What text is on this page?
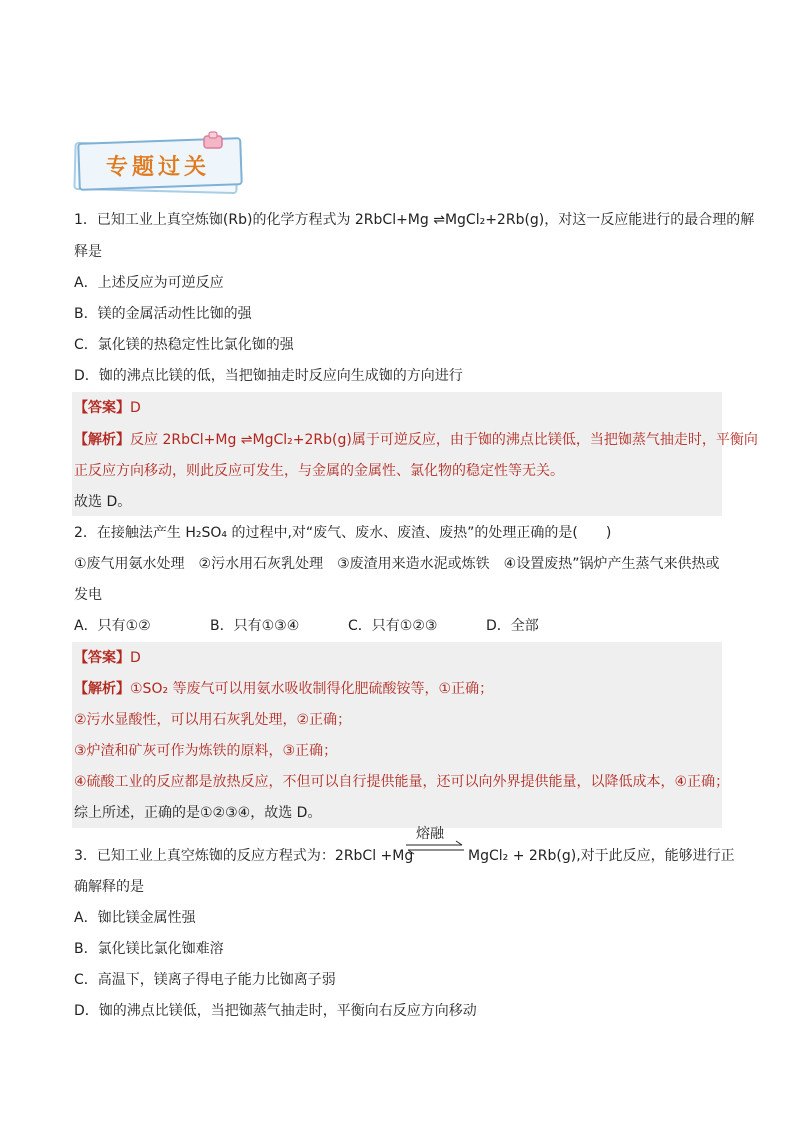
专题过关
1．已知工业上真空炼铷(Rb)的化学方程式为 2RbCl+Mg ⇌MgCl₂+2Rb(g)，对这一反应能进行的最合理的解
释是
A．上述反应为可逆反应
B．镁的金属活动性比铷的强
C．氯化镁的热稳定性比氯化铷的强
D．铷的沸点比镁的低，当把铷抽走时反应向生成铷的方向进行
【答案】D
【解析】反应 2RbCl+Mg ⇌MgCl₂+2Rb(g)属于可逆反应，由于铷的沸点比镁低，当把铷蒸气抽走时，平衡向
正反应方向移动，则此反应可发生，与金属的金属性、氯化物的稳定性等无关。
故选 D。
2．在接触法产生 H₂SO₄ 的过程中,对“废气、废水、废渣、废热”的处理正确的是(　　)
①废气用氨水处理　②污水用石灰乳处理　③废渣用来造水泥或炼铁　④设置废热”锅炉产生蒸气来供热或
发电
A．只有①②	B．只有①③④	C．只有①②③	D．全部
【答案】D
【解析】①SO₂ 等废气可以用氨水吸收制得化肥硫酸铵等，①正确；
②污水显酸性，可以用石灰乳处理，②正确；
③炉渣和矿灰可作为炼铁的原料，③正确；
④硫酸工业的反应都是放热反应，不但可以自行提供能量，还可以向外界提供能量，以降低成本，④正确；
综上所述，正确的是①②③④，故选 D。
3．已知工业上真空炼铷的反应方程式为：2RbCl +Mg
熔融
MgCl₂ + 2Rb(g),对于此反应，能够进行正
确解释的是
A．铷比镁金属性强
B．氯化镁比氯化铷难溶
C．高温下，镁离子得电子能力比铷离子弱
D．铷的沸点比镁低，当把铷蒸气抽走时，平衡向右反应方向移动
